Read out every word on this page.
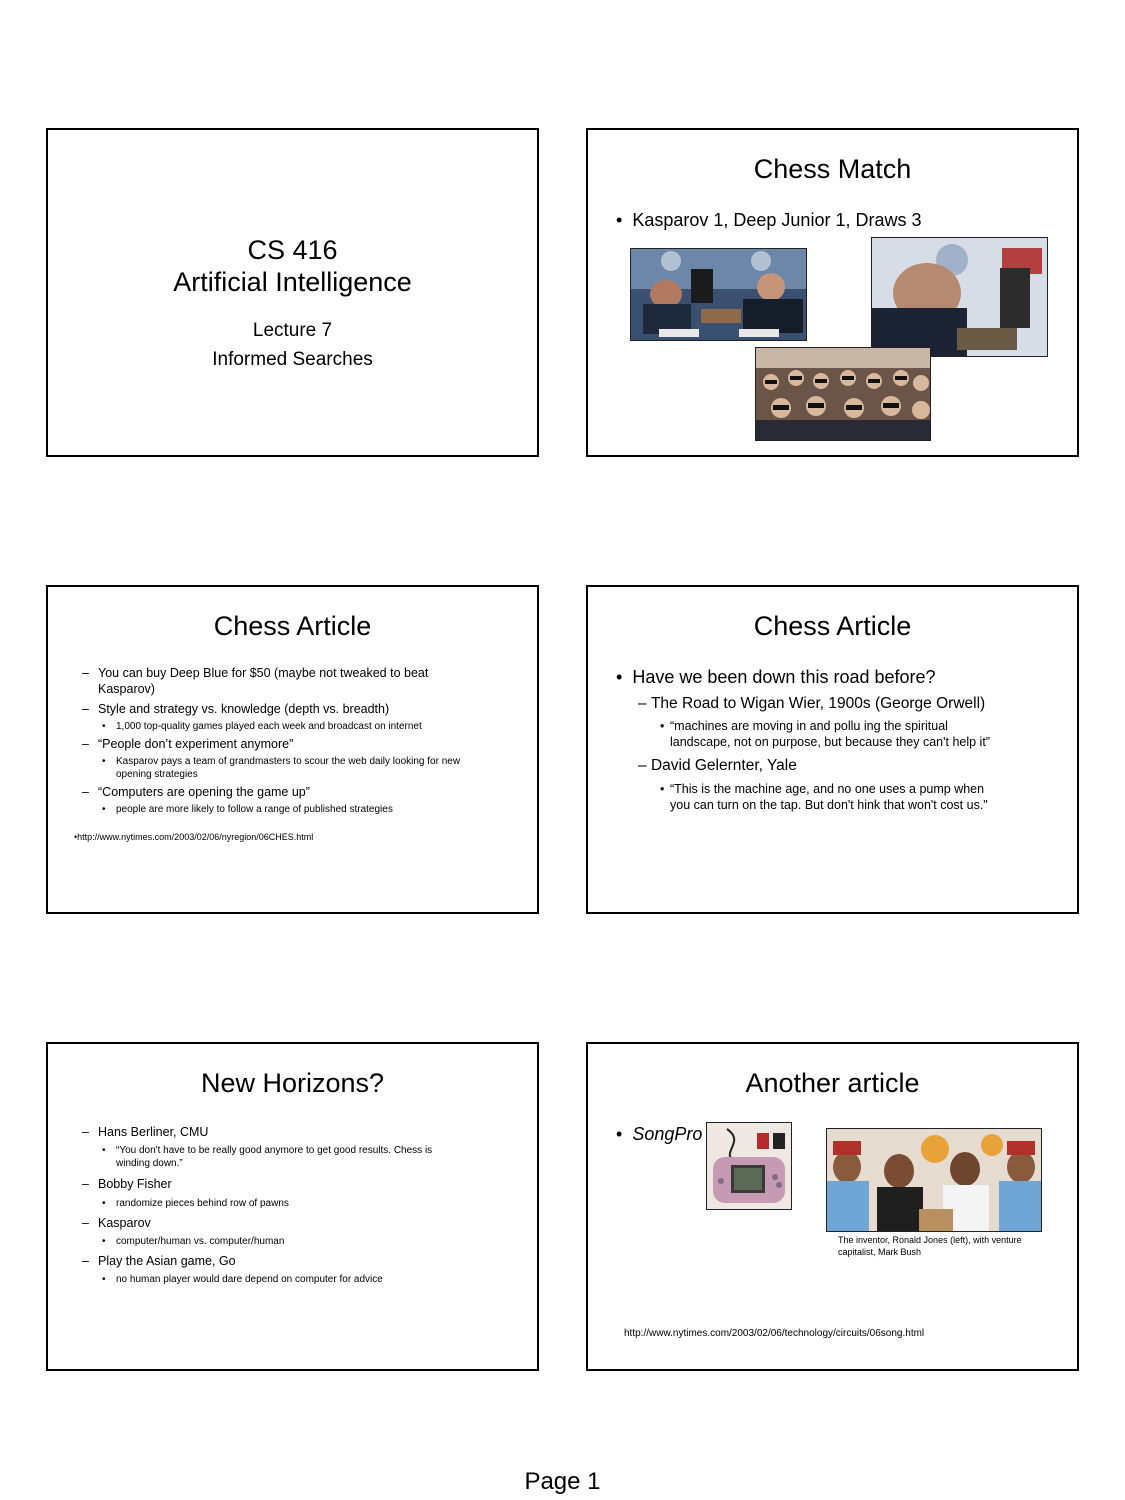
CS 416
Artificial Intelligence
Lecture 7
Informed Searches
Chess Match
• Kasparov 1, Deep Junior 1, Draws 3
Chess Article
– You can buy Deep Blue for $50 (maybe not tweaked to beat
Kasparov)
– Style and strategy vs. knowledge (depth vs. breadth)
• 1,000 top-quality games played each week and broadcast on internet
– “People don’t experiment anymore”
• Kasparov pays a team of grandmasters to scour the web daily looking for new
opening strategies
– “Computers are opening the game up”
• people are more likely to follow a range of published strategies
•http://www.nytimes.com/2003/02/06/nyregion/06CHES.html
Chess Article
• Have we been down this road before?
– The Road to Wigan Wier, 1900s (George Orwell)
• “machines are moving in and pollu ing the spiritual
landscape, not on purpose, but because they can't help it”
– David Gelernter, Yale
• “This is the machine age, and no one uses a pump when
you can turn on the tap. But don't hink that won't cost us."
New Horizons?
– Hans Berliner, CMU
• “You don't have to be really good anymore to get good results. Chess is
winding down.”
– Bobby Fisher
• randomize pieces behind row of pawns
– Kasparov
• computer/human vs. computer/human
– Play the Asian game, Go
• no human player would dare depend on computer for advice
Another article
• SongPro
The inventor, Ronald Jones (left), with venture
capitalist, Mark Bush
http://www.nytimes.com/2003/02/06/technology/circuits/06song.html
Page 1
